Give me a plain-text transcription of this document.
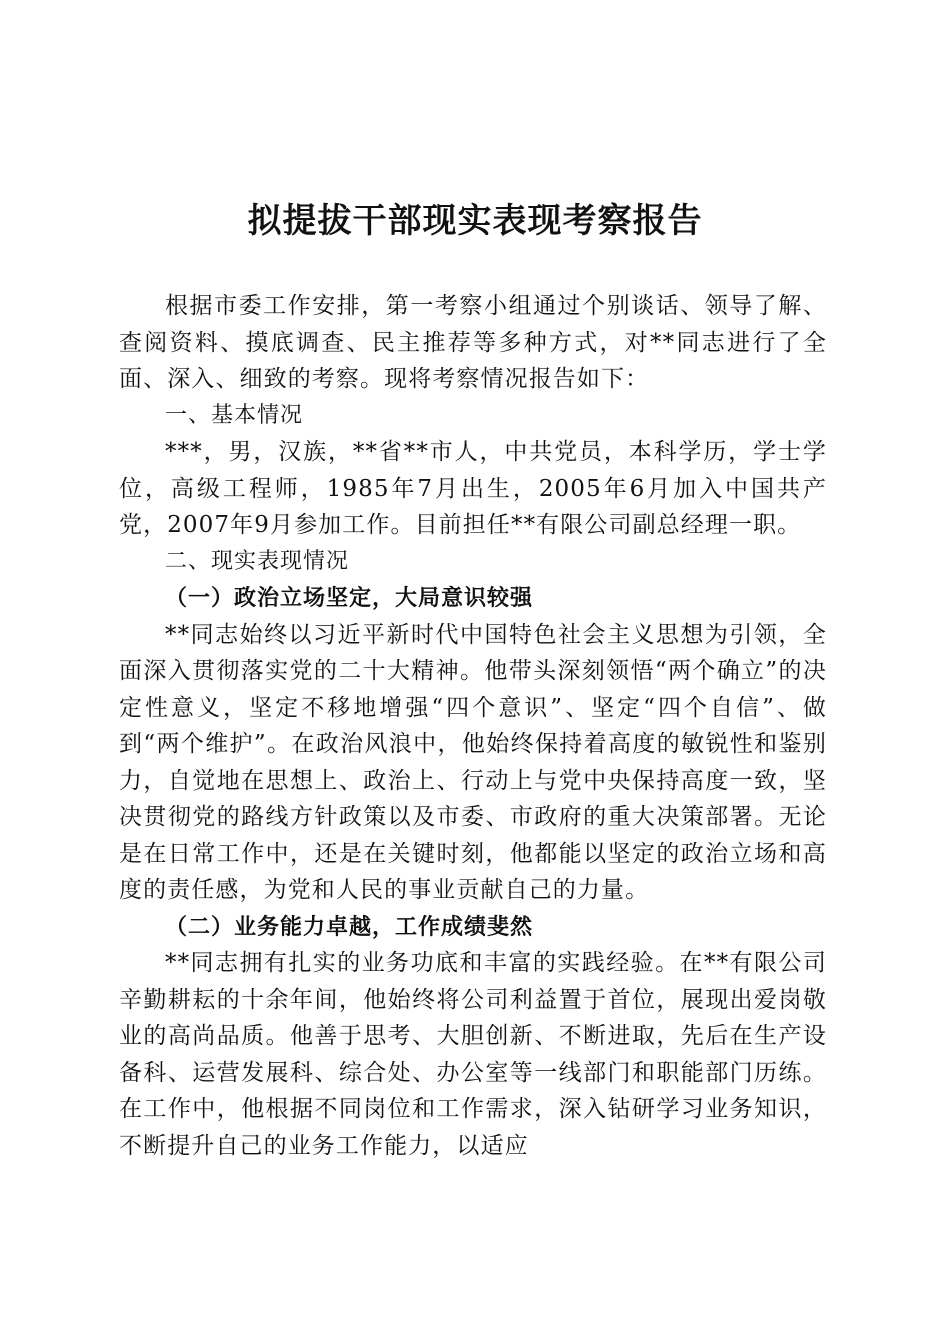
拟提拔干部现实表现考察报告

根据市委工作安排，第一考察小组通过个别谈话、领导了解、查阅资料、摸底调查、民主推荐等多种方式，对**同志进行了全面、深入、细致的考察。现将考察情况报告如下：

一、基本情况

***，男，汉族，**省**市人，中共党员，本科学历，学士学位，高级工程师，1985年7月出生，2005年6月加入中国共产党，2007年9月参加工作。目前担任**有限公司副总经理一职。

二、现实表现情况

（一）政治立场坚定，大局意识较强

**同志始终以习近平新时代中国特色社会主义思想为引领，全面深入贯彻落实党的二十大精神。他带头深刻领悟“两个确立”的决定性意义，坚定不移地增强“四个意识”、坚定“四个自信”、做到“两个维护”。在政治风浪中，他始终保持着高度的敏锐性和鉴别力，自觉地在思想上、政治上、行动上与党中央保持高度一致，坚决贯彻党的路线方针政策以及市委、市政府的重大决策部署。无论是在日常工作中，还是在关键时刻，他都能以坚定的政治立场和高度的责任感，为党和人民的事业贡献自己的力量。

（二）业务能力卓越，工作成绩斐然

**同志拥有扎实的业务功底和丰富的实践经验。在**有限公司辛勤耕耘的十余年间，他始终将公司利益置于首位，展现出爱岗敬业的高尚品质。他善于思考、大胆创新、不断进取，先后在生产设备科、运营发展科、综合处、办公室等一线部门和职能部门历练。在工作中，他根据不同岗位和工作需求，深入钻研学习业务知识，不断提升自己的业务工作能力，以适应
